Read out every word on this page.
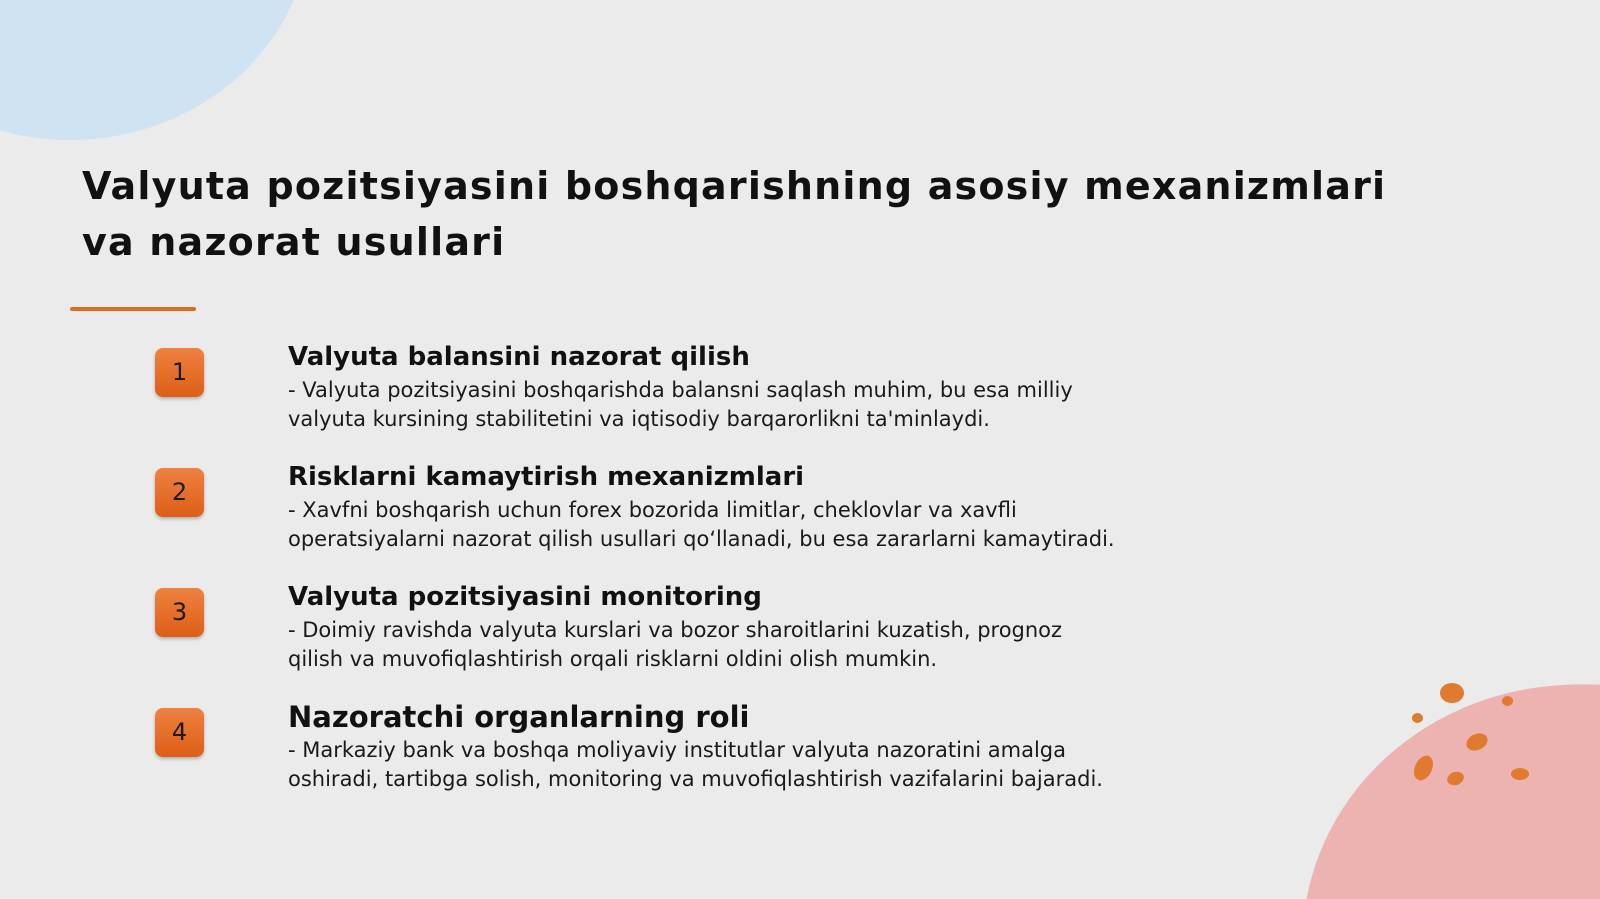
Valyuta pozitsiyasini boshqarishning asosiy mexanizmlari va nazorat usullari
1	Valyuta balansini nazorat qilish

- Valyuta pozitsiyasini boshqarishda balansni saqlash muhim, bu esa milliy valyuta kursining stabilitetini va iqtisodiy barqarorlikni ta'minlaydi.

2	Risklarni kamaytirish mexanizmlari

- Xavfni boshqarish uchun forex bozorida limitlar, cheklovlar va xavfli operatsiyalarni nazorat qilish usullari qo‘llanadi, bu esa zararlarni kamaytiradi.

3	Valyuta pozitsiyasini monitoring

- Doimiy ravishda valyuta kurslari va bozor sharoitlarini kuzatish, prognoz qilish va muvofiqlashtirish orqali risklarni oldini olish mumkin.

4	Nazoratchi organlarning roli

- Markaziy bank va boshqa moliyaviy institutlar valyuta nazoratini amalga oshiradi, tartibga solish, monitoring va muvofiqlashtirish vazifalarini bajaradi.
